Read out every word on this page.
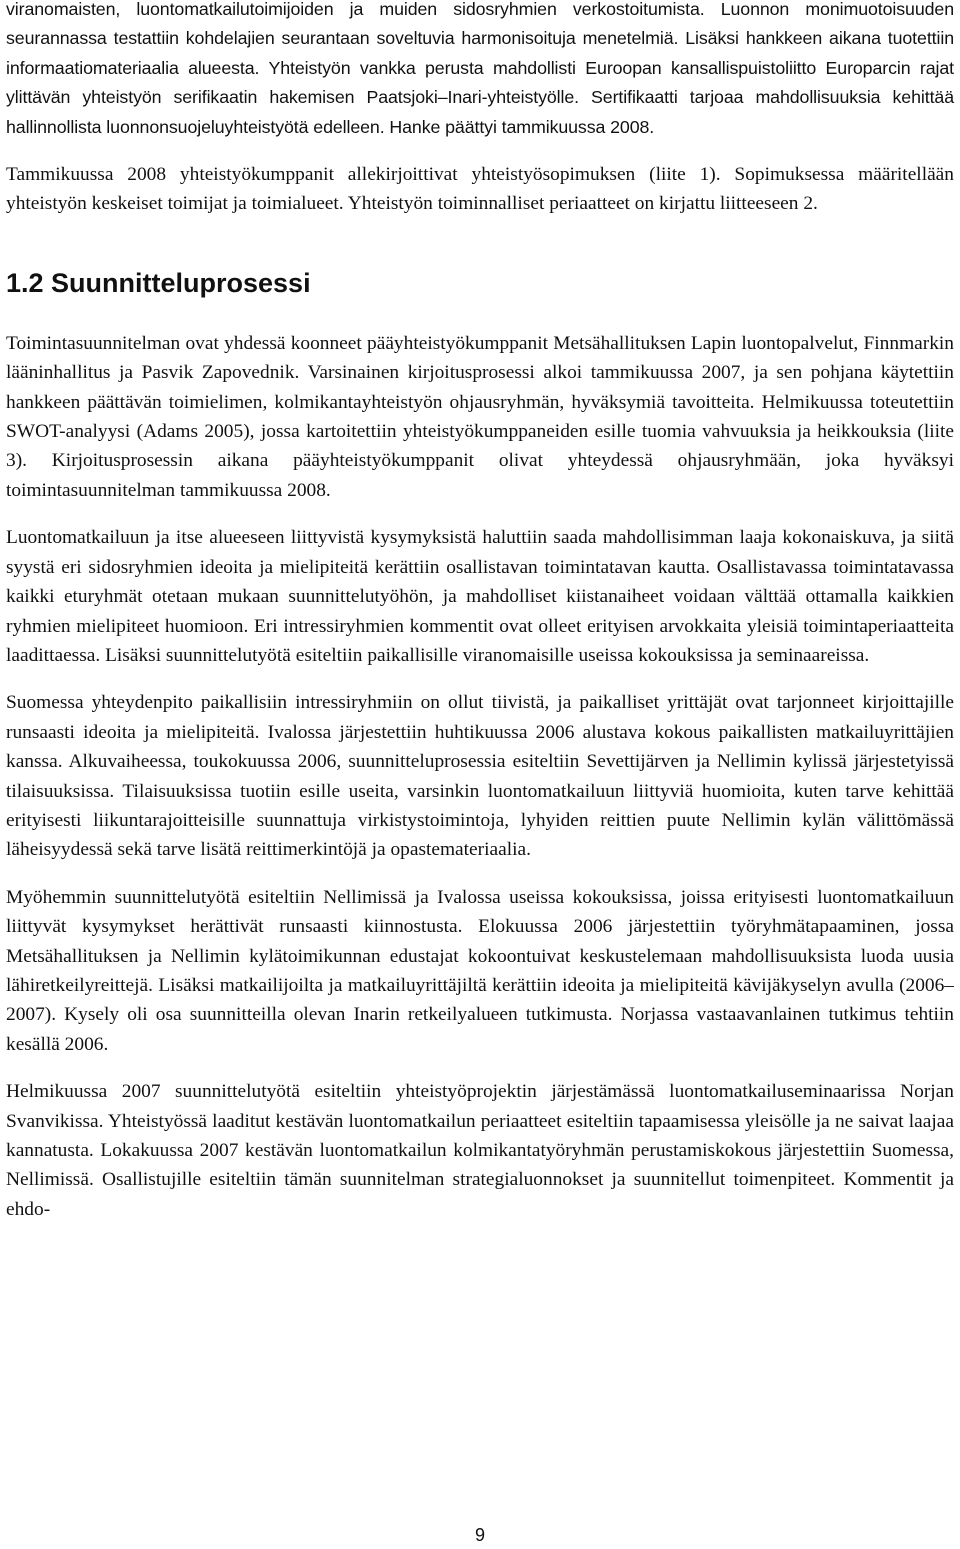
viranomaisten, luontomatkailutoimijoiden ja muiden sidosryhmien verkostoitumista. Luonnon monimuotoisuuden seurannassa testattiin kohdelajien seurantaan soveltuvia harmonisoituja menetelmiä. Lisäksi hankkeen aikana tuotettiin informaatiomateriaalia alueesta. Yhteistyön vankka perusta mahdollisti Euroopan kansallispuistoliitto Europarcin rajat ylittävän yhteistyön serifikaatin hakemisen Paatsjoki–Inari-yhteistyölle. Sertifikaatti tarjoaa mahdollisuuksia kehittää hallinnollista luonnonsuojeluyhteistyötä edelleen. Hanke päättyi tammikuussa 2008.

Tammikuussa 2008 yhteistyökumppanit allekirjoittivat yhteistyösopimuksen (liite 1). Sopimuksessa määritellään yhteistyön keskeiset toimijat ja toimialueet. Yhteistyön toiminnalliset periaatteet on kirjattu liitteeseen 2.

1.2 Suunnitteluprosessi

Toimintasuunnitelman ovat yhdessä koonneet pääyhteistyökumppanit Metsähallituksen Lapin luontopalvelut, Finnmarkin lääninhallitus ja Pasvik Zapovednik. Varsinainen kirjoitusprosessi alkoi tammikuussa 2007, ja sen pohjana käytettiin hankkeen päättävän toimielimen, kolmikantayhteistyön ohjausryhmän, hyväksymiä tavoitteita. Helmikuussa toteutettiin SWOT-analyysi (Adams 2005), jossa kartoitettiin yhteistyökumppaneiden esille tuomia vahvuuksia ja heikkouksia (liite 3). Kirjoitusprosessin aikana pääyhteistyökumppanit olivat yhteydessä ohjausryhmään, joka hyväksyi toimintasuunnitelman tammikuussa 2008.

Luontomatkailuun ja itse alueeseen liittyvistä kysymyksistä haluttiin saada mahdollisimman laaja kokonaiskuva, ja siitä syystä eri sidosryhmien ideoita ja mielipiteitä kerättiin osallistavan toimintatavan kautta. Osallistavassa toimintatavassa kaikki eturyhmät otetaan mukaan suunnittelutyöhön, ja mahdolliset kiistanaiheet voidaan välttää ottamalla kaikkien ryhmien mielipiteet huomioon. Eri intressiryhmien kommentit ovat olleet erityisen arvokkaita yleisiä toimintaperiaatteita laadittaessa. Lisäksi suunnittelutyötä esiteltiin paikallisille viranomaisille useissa kokouksissa ja seminaareissa.

Suomessa yhteydenpito paikallisiin intressiryhmiin on ollut tiivistä, ja paikalliset yrittäjät ovat tarjonneet kirjoittajille runsaasti ideoita ja mielipiteitä. Ivalossa järjestettiin huhtikuussa 2006 alustava kokous paikallisten matkailuyrittäjien kanssa. Alkuvaiheessa, toukokuussa 2006, suunnitteluprosessia esiteltiin Sevettijärven ja Nellimin kylissä järjestetyissä tilaisuuksissa. Tilaisuuksissa tuotiin esille useita, varsinkin luontomatkailuun liittyviä huomioita, kuten tarve kehittää erityisesti liikuntarajoitteisille suunnattuja virkistystoimintoja, lyhyiden reittien puute Nellimin kylän välittömässä läheisyydessä sekä tarve lisätä reittimerkintöjä ja opastemateriaalia.

Myöhemmin suunnittelutyötä esiteltiin Nellimissä ja Ivalossa useissa kokouksissa, joissa erityisesti luontomatkailuun liittyvät kysymykset herättivät runsaasti kiinnostusta. Elokuussa 2006 järjestettiin työryhmätapaaminen, jossa Metsähallituksen ja Nellimin kylätoimikunnan edustajat kokoontuivat keskustelemaan mahdollisuuksista luoda uusia lähiretkeilyreittejä. Lisäksi matkailijoilta ja matkailuyrittäjiltä kerättiin ideoita ja mielipiteitä kävijäkyselyn avulla (2006–2007). Kysely oli osa suunnitteilla olevan Inarin retkeilyalueen tutkimusta. Norjassa vastaavanlainen tutkimus tehtiin kesällä 2006.

Helmikuussa 2007 suunnittelutyötä esiteltiin yhteistyöprojektin järjestämässä luontomatkailuseminaarissa Norjan Svanvikissa. Yhteistyössä laaditut kestävän luontomatkailun periaatteet esiteltiin tapaamisessa yleisölle ja ne saivat laajaa kannatusta. Lokakuussa 2007 kestävän luontomatkailun kolmikantatyöryhmän perustamiskokous järjestettiin Suomessa, Nellimissä. Osallistujille esiteltiin tämän suunnitelman strategialuonnokset ja suunnitellut toimenpiteet. Kommentit ja ehdo-

9
